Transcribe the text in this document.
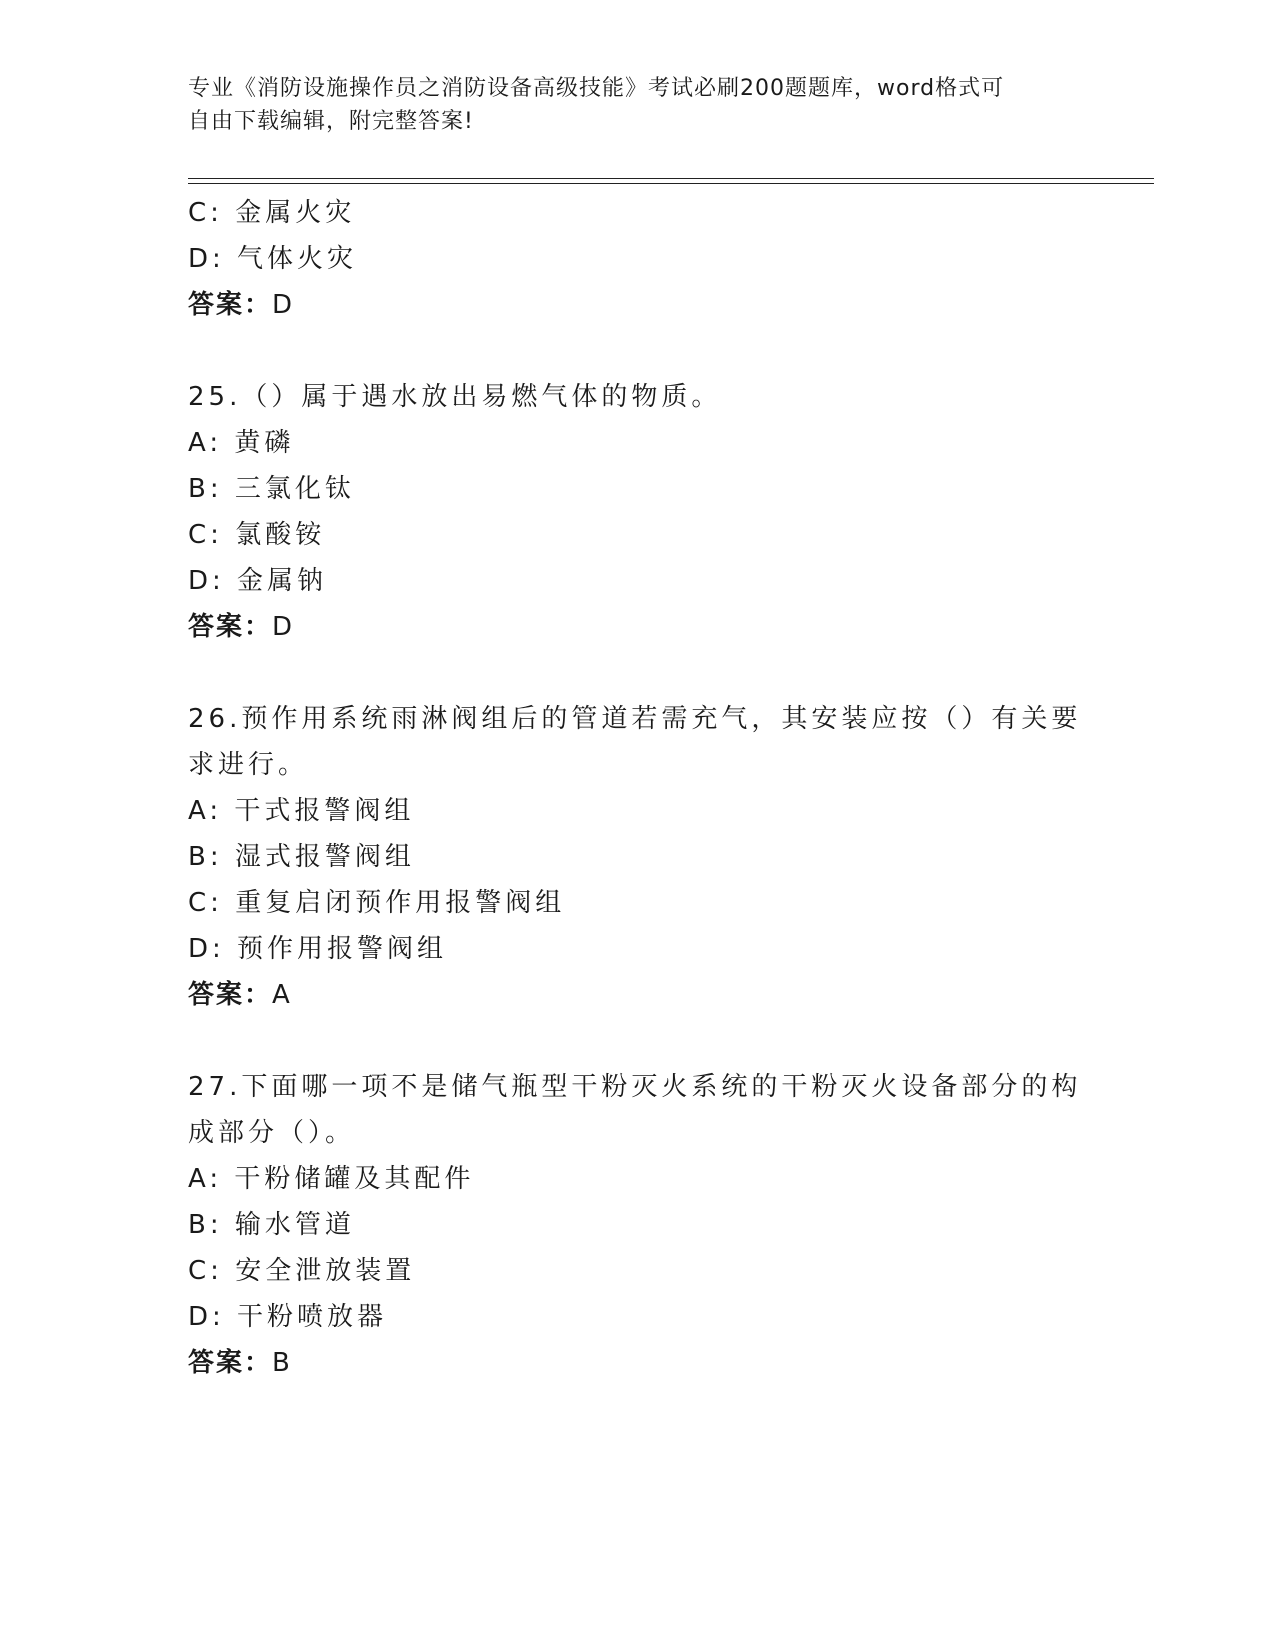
专业《消防设施操作员之消防设备高级技能》考试必刷200题题库，word格式可
自由下载编辑，附完整答案!
C: 金属火灾
D: 气体火灾
答案：D
25.（）属于遇水放出易燃气体的物质。
A: 黄磷
B: 三氯化钛
C: 氯酸铵
D: 金属钠
答案：D
26.预作用系统雨淋阀组后的管道若需充气，其安装应按（）有关要求进行。
A: 干式报警阀组
B: 湿式报警阀组
C: 重复启闭预作用报警阀组
D: 预作用报警阀组
答案：A
27.下面哪一项不是储气瓶型干粉灭火系统的干粉灭火设备部分的构成部分（）。
A: 干粉储罐及其配件
B: 输水管道
C: 安全泄放装置
D: 干粉喷放器
答案：B
